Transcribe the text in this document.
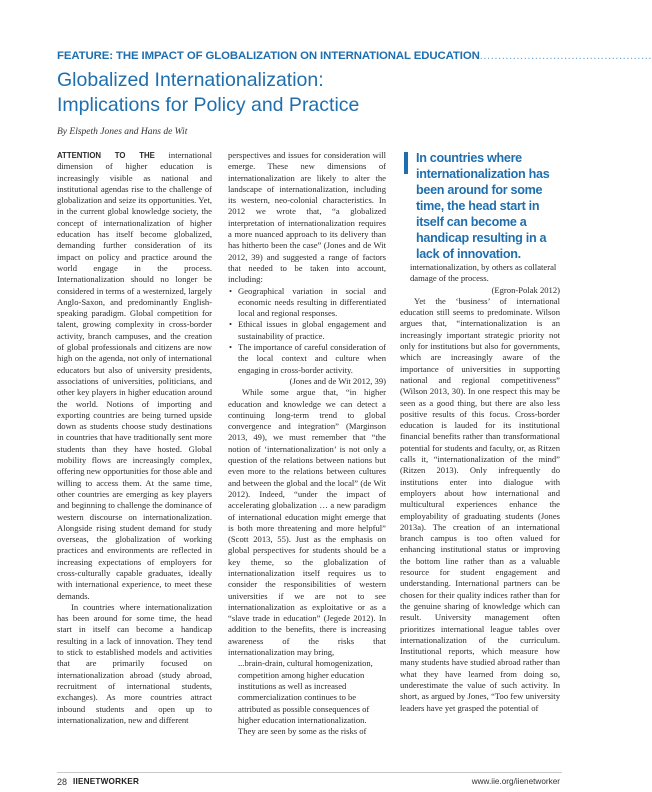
FEATURE: THE IMPACT OF GLOBALIZATION ON INTERNATIONAL EDUCATION...............................................
Globalized Internationalization:
Implications for Policy and Practice
By Elspeth Jones and Hans de Wit

ATTENTION TO THE international dimension of higher education is increasingly visible as national and institutional agendas rise to the challenge of globalization and seize its opportunities. Yet, in the current global knowledge society, the concept of internationalization of higher education has itself become globalized, demanding further consideration of its impact on policy and practice around the world engage in the process. Internationalization should no longer be considered in terms of a westernized, largely Anglo-Saxon, and predominantly English-speaking paradigm. Global competition for talent, growing complexity in cross-border activity, branch campuses, and the creation of global professionals and citizens are now high on the agenda, not only of international educators but also of university presidents, associations of universities, politicians, and other key players in higher education around the world. Notions of importing and exporting countries are being turned upside down as students choose study destinations in countries that have traditionally sent more students than they have hosted. Global mobility flows are increasingly complex, offering new opportunities for those able and willing to access them. At the same time, other countries are emerging as key players and beginning to challenge the dominance of western discourse on internationalization. Alongside rising student demand for study overseas, the globalization of working practices and environments are reflected in increasing expectations of employers for cross-culturally capable graduates, ideally with international experience, to meet these demands.

In countries where internationalization has been around for some time, the head start in itself can become a handicap resulting in a lack of innovation. They tend to stick to established models and activities that are primarily focused on internationalization abroad (study abroad, recruitment of international students, exchanges). As more countries attract inbound students and open up to internationalization, new and different

perspectives and issues for consideration will emerge. These new dimensions of internationalization are likely to alter the landscape of internationalization, including its western, neo-colonial characteristics. In 2012 we wrote that, “a globalized interpretation of internationalization requires a more nuanced approach to its delivery than has hitherto been the case” (Jones and de Wit 2012, 39) and suggested a range of factors that needed to be taken into account, including:

• Geographical variation in social and economic needs resulting in differentiated local and regional responses.
• Ethical issues in global engagement and sustainability of practice.
• The importance of careful consideration of the local context and culture when engaging in cross-border activity.

(Jones and de Wit 2012, 39)

While some argue that, “in higher education and knowledge we can detect a continuing long-term trend to global convergence and integration” (Marginson 2013, 49), we must remember that “the notion of ‘internationalization’ is not only a question of the relations between nations but even more to the relations between cultures and between the global and the local” (de Wit 2012). Indeed, “under the impact of accelerating globalization … a new paradigm of international education might emerge that is both more threatening and more helpful” (Scott 2013, 55). Just as the emphasis on global perspectives for students should be a key theme, so the globalization of internationalization itself requires us to consider the responsibilities of western universities if we are not to see internationalization as exploitative or as a “slave trade in education” (Jegede 2012). In addition to the benefits, there is increasing awareness of the risks that internationalization may bring,

...brain-drain, cultural homogenization, competition among higher education institutions as well as increased commercialization continues to be attributed as possible consequences of higher education internationalization. They are seen by some as the risks of

In countries where internationalization has been around for some time, the head start in itself can become a handicap resulting in a lack of innovation.

internationalization, by others as collateral damage of the process.

(Egron-Polak 2012)

Yet the ‘business’ of international education still seems to predominate. Wilson argues that, “internationalization is an increasingly important strategic priority not only for institutions but also for governments, which are increasingly aware of the importance of universities in supporting national and regional competitiveness” (Wilson 2013, 30). In one respect this may be seen as a good thing, but there are also less positive results of this focus. Cross-border education is lauded for its institutional financial benefits rather than transformational potential for students and faculty, or, as Ritzen calls it, “internationalization of the mind” (Ritzen 2013). Only infrequently do institutions enter into dialogue with employers about how international and multicultural experiences enhance the employability of graduating students (Jones 2013a). The creation of an international branch campus is too often valued for enhancing institutional status or improving the bottom line rather than as a valuable resource for student engagement and understanding. International partners can be chosen for their quality indices rather than for the genuine sharing of knowledge which can result. University management often prioritizes international league tables over internationalization of the curriculum. Institutional reports, which measure how many students have studied abroad rather than what they have learned from doing so, underestimate the value of such activity. In short, as argued by Jones, “Too few university leaders have yet grasped the potential of

28 IIENETWORKER	www.iie.org/iienetworker
